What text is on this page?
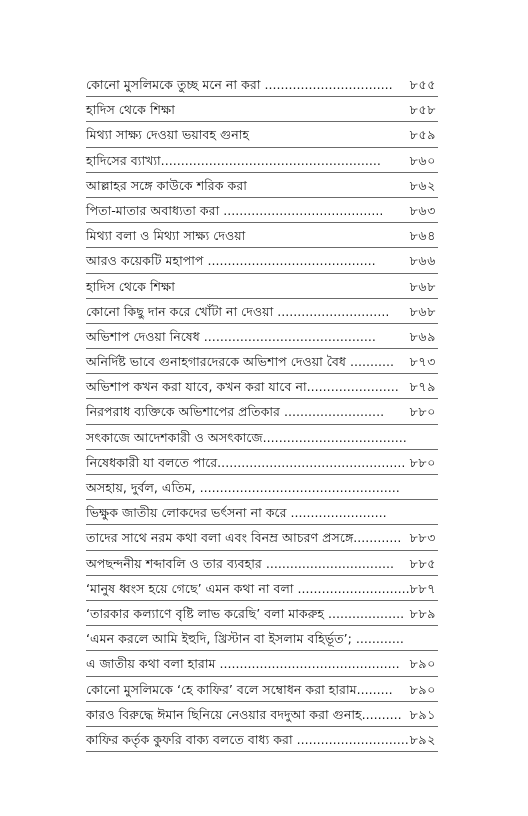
কোনো মুসলিমকে তুচ্ছ মনে না করা ................................ ৮৫৫
হাদিস থেকে শিক্ষা	৮৫৮
মিথ্যা সাক্ষ্য দেওয়া ভয়াবহ গুনাহ	৮৫৯
হাদিসের ব্যাখ্যা....................................................... ৮৬০
আল্লাহর সঙ্গে কাউকে শরিক করা	৮৬২
পিতা-মাতার অবাধ্যতা করা ........................................ ৮৬৩
মিথ্যা বলা ও মিথ্যা সাক্ষ্য দেওয়া	৮৬৪
আরও কয়েকটি মহাপাপ ..........................................	৮৬৬
হাদিস থেকে শিক্ষা	৮৬৮
কোনো কিছু দান করে খোঁটা না দেওয়া ............................ ৮৬৮
অভিশাপ দেওয়া নিষেধ ...........................................	৮৬৯
অনির্দিষ্ট ভাবে গুনাহগারদেরকে অভিশাপ দেওয়া বৈধ ........... ৮৭৩
অভিশাপ কখন করা যাবে, কখন করা যাবে না....................... ৮৭৯
নিরপরাধ ব্যক্তিকে অভিশাপের প্রতিকার ......................... ৮৮০
সৎকাজে আদেশকারী ও অসৎকাজে....................................
নিষেধকারী যা বলতে পারে............................................... ৮৮০
অসহায়, দুর্বল, এতিম, ..................................................
ভিক্ষুক জাতীয় লোকদের ভর্ৎসনা না করে ........................
তাদের সাথে নরম কথা বলা এবং বিনম্র আচরণ প্রসঙ্গে............ ৮৮৩
অপছন্দনীয় শব্দাবলি ও তার ব্যবহার ................................ ৮৮৫
‘মানুষ ধ্বংস হয়ে গেছে’ এমন কথা না বলা ............................ ৮৮৭
‘তারকার কল্যাণে বৃষ্টি লাভ করেছি’ বলা মাকরুহ ................... ৮৮৯
‘এমন করলে আমি ইহুদি, খ্রিস্টান বা ইসলাম বহির্ভূত’; ............
এ জাতীয় কথা বলা হারাম ............................................. ৮৯০
কোনো মুসলিমকে ‘হে কাফির’ বলে সম্বোধন করা হারাম......... ৮৯০
কারও বিরুদ্ধে ঈমান ছিনিয়ে নেওয়ার বদদুআ করা গুনাহ.......... ৮৯১
কাফির কর্তৃক কুফরি বাক্য বলতে বাধ্য করা ............................ ৮৯২
